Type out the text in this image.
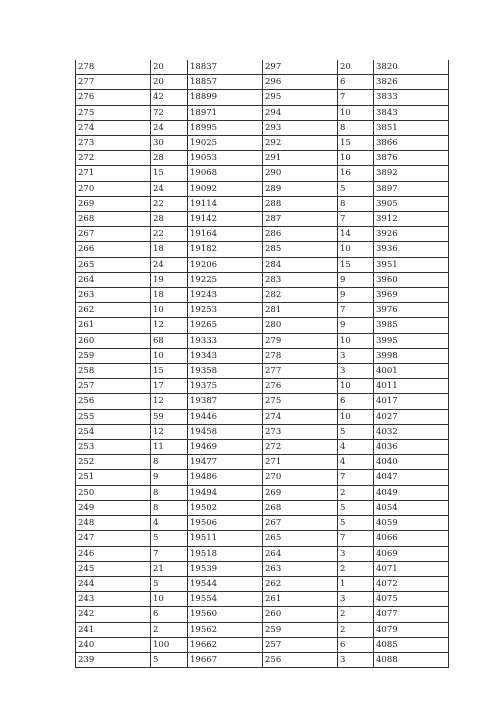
278	20	18837	297	20	3820
277	20	18857	296	6	3826
276	42	18899	295	7	3833
275	72	18971	294	10	3843
274	24	18995	293	8	3851
273	30	19025	292	15	3866
272	28	19053	291	10	3876
271	15	19068	290	16	3892
270	24	19092	289	5	3897
269	22	19114	288	8	3905
268	28	19142	287	7	3912
267	22	19164	286	14	3926
266	18	19182	285	10	3936
265	24	19206	284	15	3951
264	19	19225	283	9	3960
263	18	19243	282	9	3969
262	10	19253	281	7	3976
261	12	19265	280	9	3985
260	68	19333	279	10	3995
259	10	19343	278	3	3998
258	15	19358	277	3	4001
257	17	19375	276	10	4011
256	12	19387	275	6	4017
255	59	19446	274	10	4027
254	12	19458	273	5	4032
253	11	19469	272	4	4036
252	8	19477	271	4	4040
251	9	19486	270	7	4047
250	8	19494	269	2	4049
249	8	19502	268	5	4054
248	4	19506	267	5	4059
247	5	19511	265	7	4066
246	7	19518	264	3	4069
245	21	19539	263	2	4071
244	5	19544	262	1	4072
243	10	19554	261	3	4075
242	6	19560	260	2	4077
241	2	19562	259	2	4079
240	100	19662	257	6	4085
239	5	19667	256	3	4088
